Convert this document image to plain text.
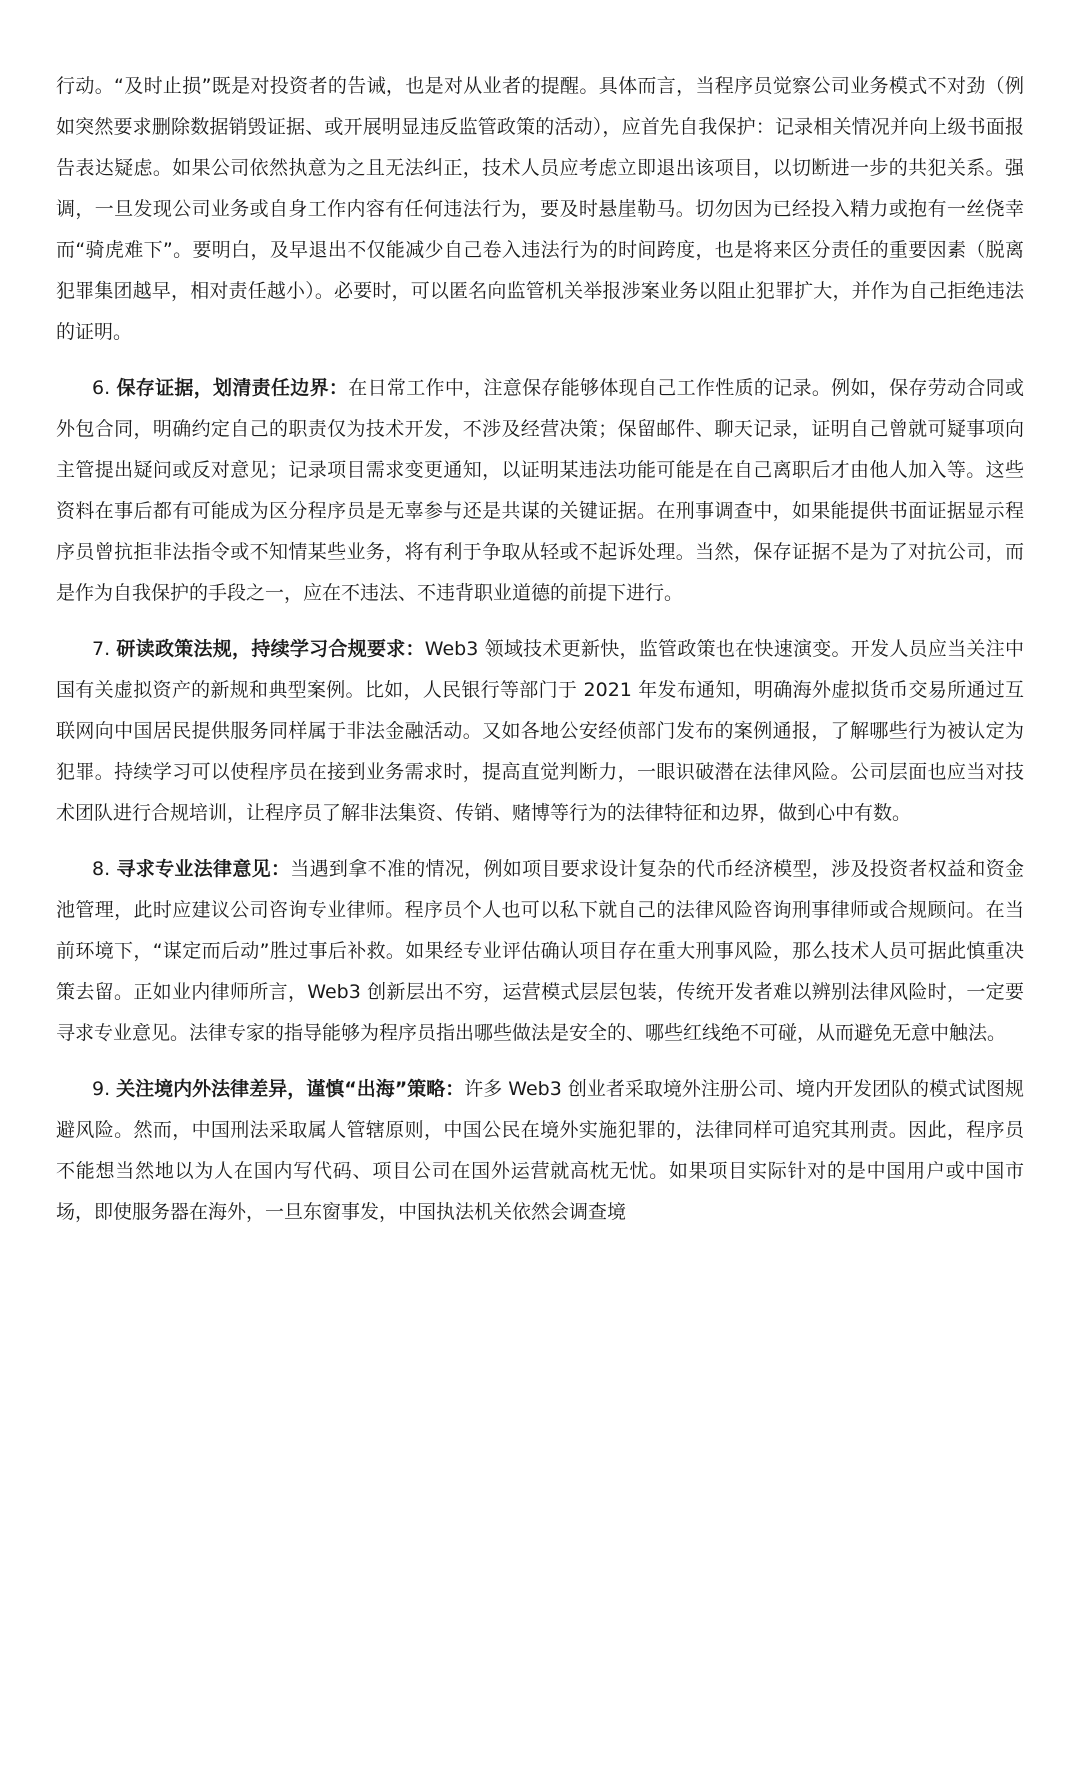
行动。“及时止损”既是对投资者的告诫，也是对从业者的提醒。具体而言，当程序员觉察公司业务模式不对劲（例如突然要求删除数据销毁证据、或开展明显违反监管政策的活动），应首先自我保护：记录相关情况并向上级书面报告表达疑虑。如果公司依然执意为之且无法纠正，技术人员应考虑立即退出该项目，以切断进一步的共犯关系。强调，一旦发现公司业务或自身工作内容有任何违法行为，要及时悬崖勒马。切勿因为已经投入精力或抱有一丝侥幸而“骑虎难下”。要明白，及早退出不仅能减少自己卷入违法行为的时间跨度，也是将来区分责任的重要因素（脱离犯罪集团越早，相对责任越小）。必要时，可以匿名向监管机关举报涉案业务以阻止犯罪扩大，并作为自己拒绝违法的证明。

6. 保存证据，划清责任边界：在日常工作中，注意保存能够体现自己工作性质的记录。例如，保存劳动合同或外包合同，明确约定自己的职责仅为技术开发，不涉及经营决策；保留邮件、聊天记录，证明自己曾就可疑事项向主管提出疑问或反对意见；记录项目需求变更通知，以证明某违法功能可能是在自己离职后才由他人加入等。这些资料在事后都有可能成为区分程序员是无辜参与还是共谋的关键证据。在刑事调查中，如果能提供书面证据显示程序员曾抗拒非法指令或不知情某些业务，将有利于争取从轻或不起诉处理。当然，保存证据不是为了对抗公司，而是作为自我保护的手段之一，应在不违法、不违背职业道德的前提下进行。

7. 研读政策法规，持续学习合规要求：Web3 领域技术更新快，监管政策也在快速演变。开发人员应当关注中国有关虚拟资产的新规和典型案例。比如，人民银行等部门于 2021 年发布通知，明确海外虚拟货币交易所通过互联网向中国居民提供服务同样属于非法金融活动。又如各地公安经侦部门发布的案例通报，了解哪些行为被认定为犯罪。持续学习可以使程序员在接到业务需求时，提高直觉判断力，一眼识破潜在法律风险。公司层面也应当对技术团队进行合规培训，让程序员了解非法集资、传销、赌博等行为的法律特征和边界，做到心中有数。

8. 寻求专业法律意见：当遇到拿不准的情况，例如项目要求设计复杂的代币经济模型，涉及投资者权益和资金池管理，此时应建议公司咨询专业律师。程序员个人也可以私下就自己的法律风险咨询刑事律师或合规顾问。在当前环境下，“谋定而后动”胜过事后补救。如果经专业评估确认项目存在重大刑事风险，那么技术人员可据此慎重决策去留。正如业内律师所言，Web3 创新层出不穷，运营模式层层包装，传统开发者难以辨别法律风险时，一定要寻求专业意见。法律专家的指导能够为程序员指出哪些做法是安全的、哪些红线绝不可碰，从而避免无意中触法。

9. 关注境内外法律差异，谨慎“出海”策略：许多 Web3 创业者采取境外注册公司、境内开发团队的模式试图规避风险。然而，中国刑法采取属人管辖原则，中国公民在境外实施犯罪的，法律同样可追究其刑责。因此，程序员不能想当然地以为人在国内写代码、项目公司在国外运营就高枕无忧。如果项目实际针对的是中国用户或中国市场，即使服务器在海外，一旦东窗事发，中国执法机关依然会调查境
